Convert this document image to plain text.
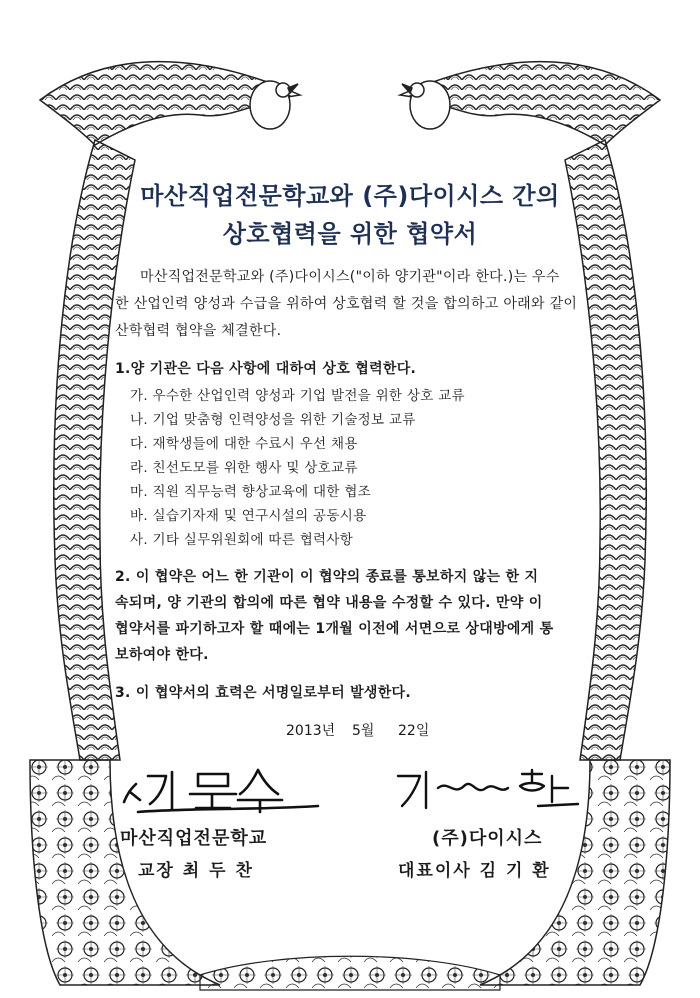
마산직업전문학교와 (주)다이시스 간의
상호협력을 위한 협약서
마산직업전문학교와 (주)다이시스("이하 양기관"이라 한다.)는 우수
한 산업인력 양성과 수급을 위하여 상호협력 할 것을 합의하고 아래와 같이
산학협력 협약을 체결한다.
1.양 기관은 다음 사항에 대하여 상호 협력한다.
가. 우수한 산업인력 양성과 기업 발전을 위한 상호 교류
나. 기업 맞춤형 인력양성을 위한 기술정보 교류
다. 재학생들에 대한 수료시 우선 채용
라. 친선도모를 위한 행사 및 상호교류
마. 직원 직무능력 향상교육에 대한 협조
바. 실습기자재 및 연구시설의 공동시용
사. 기타 실무위원회에 따른 협력사항
2. 이 협약은 어느 한 기관이 이 협약의 종료를 통보하지 않는 한 지
속되며, 양 기관의 합의에 따른 협약 내용을 수정할 수 있다. 만약 이
협약서를 파기하고자 할 때에는 1개월 이전에 서면으로 상대방에게 통
보하여야 한다.
3. 이 협약서의 효력은 서명일로부터 발생한다.
2013년 5월 22일
마산직업전문학교
교장 최 두 찬
(주)다이시스
대표이사 김 기 환
